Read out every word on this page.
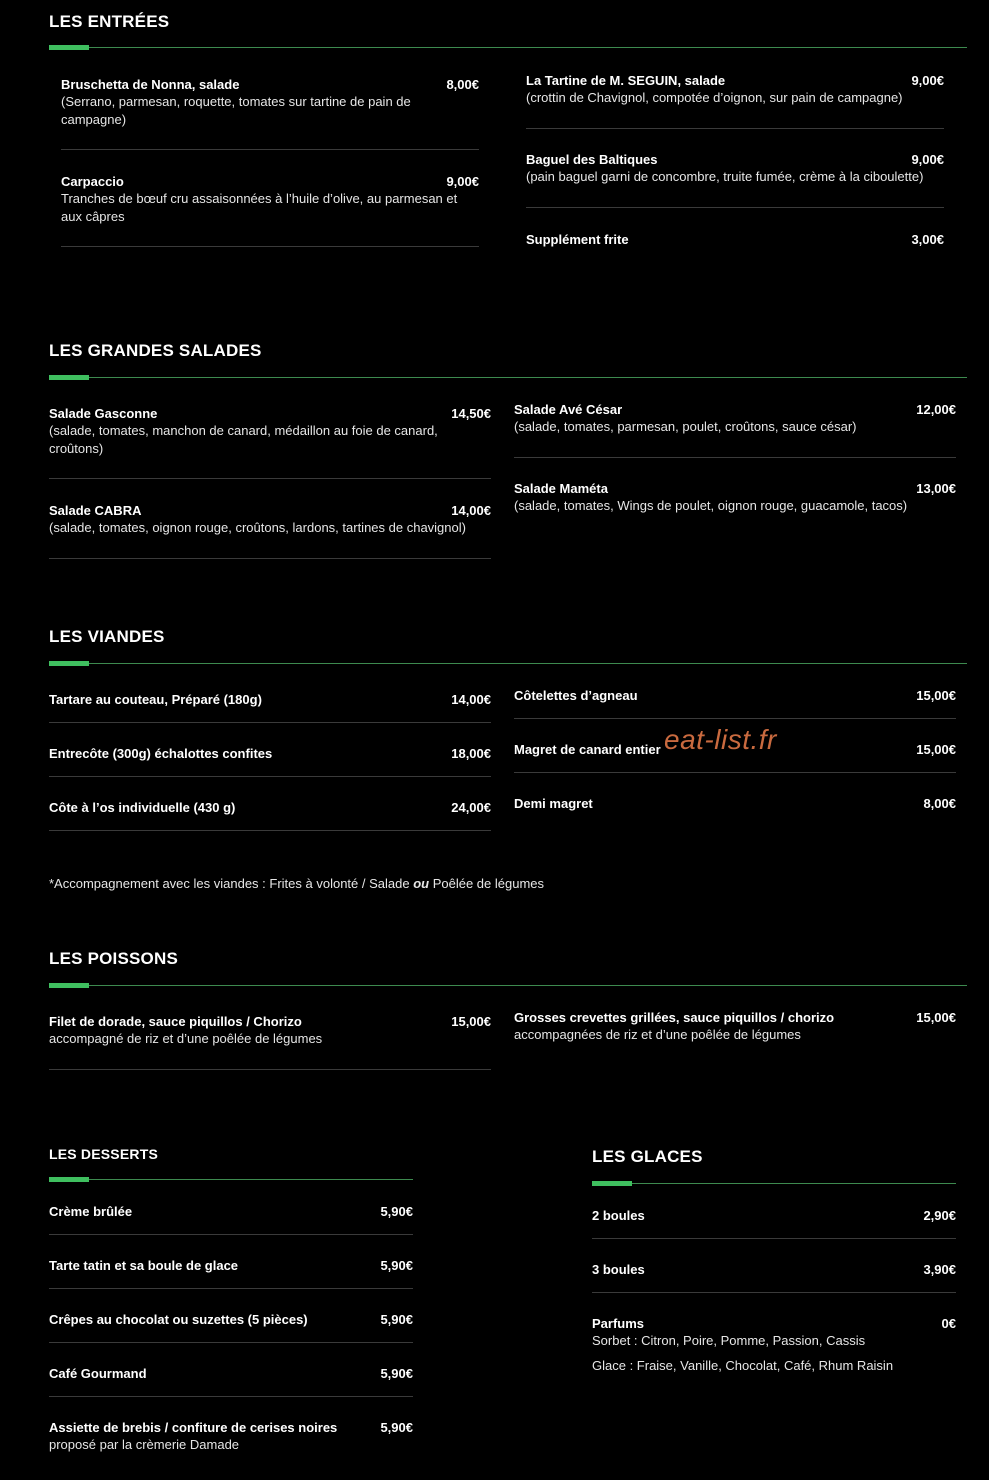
LES ENTRÉES
Bruschetta de Nonna, salade	8,00€
(Serrano, parmesan, roquette, tomates sur tartine de pain de campagne)
Carpaccio	9,00€
Tranches de bœuf cru assaisonnées à l’huile d’olive, au parmesan et aux câpres
La Tartine de M. SEGUIN, salade	9,00€
(crottin de Chavignol, compotée d’oignon, sur pain de campagne)
Baguel des Baltiques	9,00€
(pain baguel garni de concombre, truite fumée, crème à la ciboulette)
Supplément frite	3,00€
LES GRANDES SALADES
Salade Gasconne	14,50€
(salade, tomates, manchon de canard, médaillon au foie de canard, croûtons)
Salade CABRA	14,00€
(salade, tomates, oignon rouge, croûtons, lardons, tartines de chavignol)
Salade Avé César	12,00€
(salade, tomates, parmesan, poulet, croûtons, sauce césar)
Salade Maméta	13,00€
(salade, tomates, Wings de poulet, oignon rouge, guacamole, tacos)
LES VIANDES
Tartare au couteau, Préparé (180g)	14,00€
Entrecôte (300g) échalottes confites	18,00€
Côte à l’os individuelle (430 g)	24,00€
Côtelettes d’agneau	15,00€
Magret de canard entier	15,00€
Demi magret	8,00€
eat-list.fr
*Accompagnement avec les viandes : Frites à volonté / Salade ou Poêlée de légumes
LES POISSONS
Filet de dorade, sauce piquillos / Chorizo	15,00€
accompagné de riz et d’une poêlée de légumes
Grosses crevettes grillées, sauce piquillos / chorizo	15,00€
accompagnées de riz et d’une poêlée de légumes
LES DESSERTS
Crème brûlée	5,90€
Tarte tatin et sa boule de glace	5,90€
Crêpes au chocolat ou suzettes (5 pièces)	5,90€
Café Gourmand	5,90€
Assiette de brebis / confiture de cerises noires	5,90€
proposé par la crèmerie Damade
LES GLACES
2 boules	2,90€
3 boules	3,90€
Parfums	0€
Sorbet : Citron, Poire, Pomme, Passion, Cassis
Glace : Fraise, Vanille, Chocolat, Café, Rhum Raisin
